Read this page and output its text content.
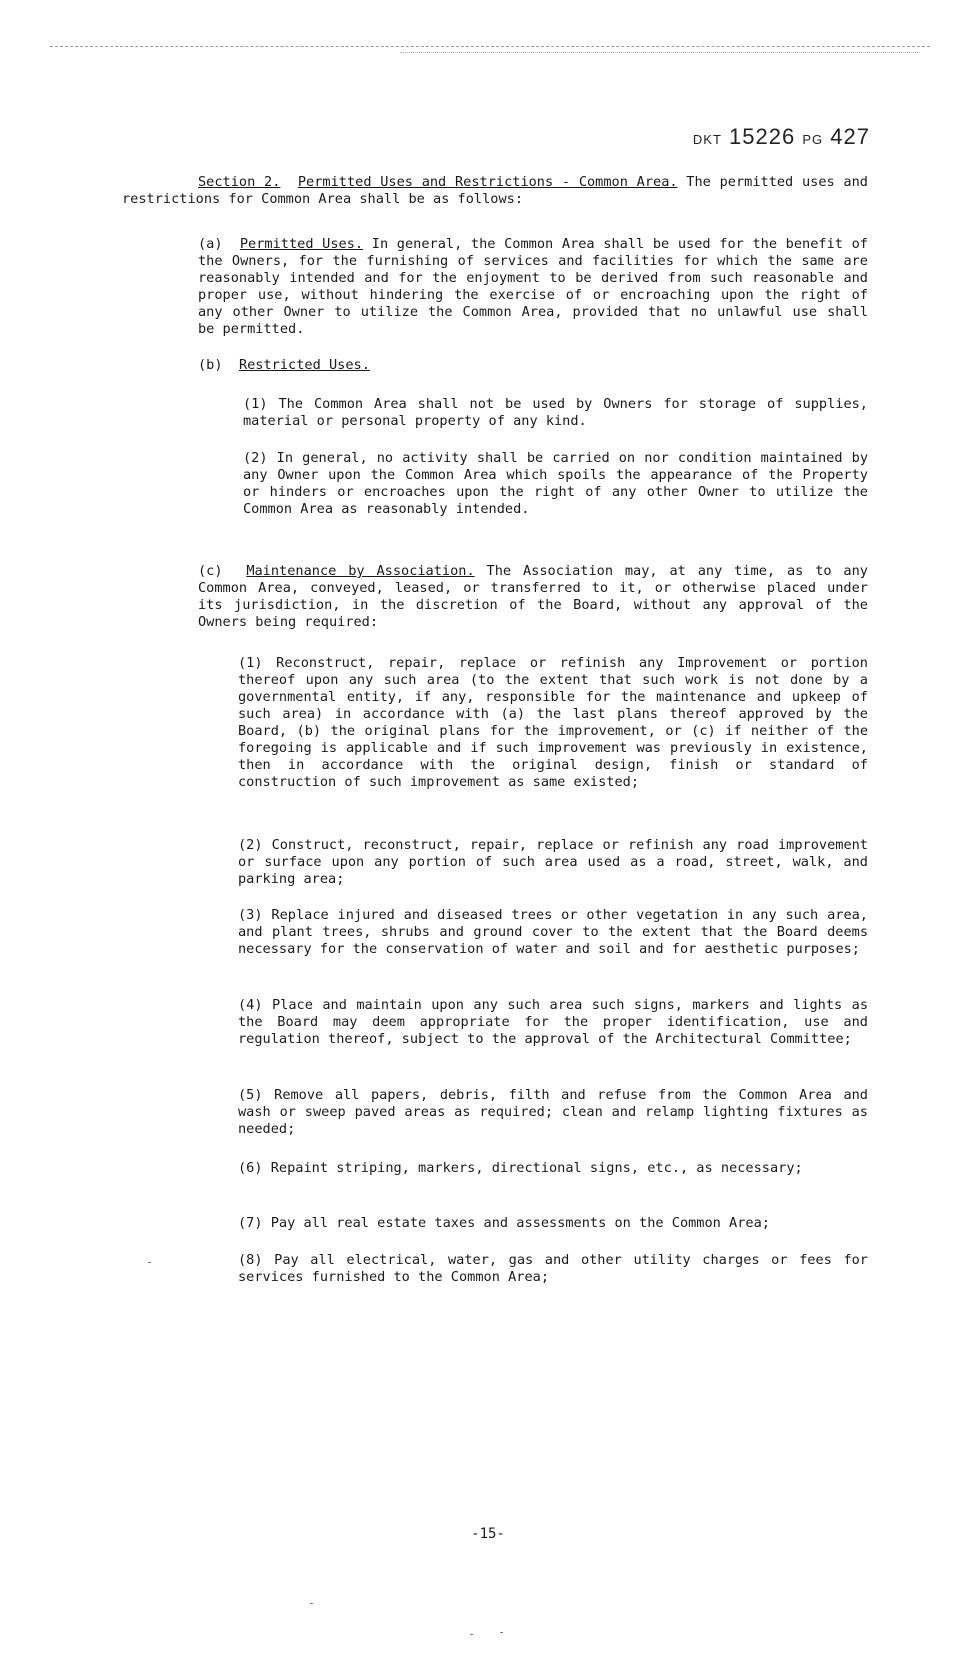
DKT 15226 PG 427
Section 2. Permitted Uses and Restrictions - Common Area. The permitted uses and restrictions for Common Area shall be as follows:
(a) Permitted Uses. In general, the Common Area shall be used for the benefit of the Owners, for the furnishing of services and facilities for which the same are reasonably intended and for the enjoyment to be derived from such reasonable and proper use, without hindering the exercise of or encroaching upon the right of any other Owner to utilize the Common Area, provided that no unlawful use shall be permitted.
(b) Restricted Uses.
(1) The Common Area shall not be used by Owners for storage of supplies, material or personal property of any kind.
(2) In general, no activity shall be carried on nor condition maintained by any Owner upon the Common Area which spoils the appearance of the Property or hinders or encroaches upon the right of any other Owner to utilize the Common Area as reasonably intended.
(c) Maintenance by Association. The Association may, at any time, as to any Common Area, conveyed, leased, or transferred to it, or otherwise placed under its jurisdiction, in the discretion of the Board, without any approval of the Owners being required:
(1) Reconstruct, repair, replace or refinish any Improvement or portion thereof upon any such area (to the extent that such work is not done by a governmental entity, if any, responsible for the maintenance and upkeep of such area) in accordance with (a) the last plans thereof approved by the Board, (b) the original plans for the improvement, or (c) if neither of the foregoing is applicable and if such improvement was previously in existence, then in accordance with the original design, finish or standard of construction of such improvement as same existed;
(2) Construct, reconstruct, repair, replace or refinish any road improvement or surface upon any portion of such area used as a road, street, walk, and parking area;
(3) Replace injured and diseased trees or other vegetation in any such area, and plant trees, shrubs and ground cover to the extent that the Board deems necessary for the conservation of water and soil and for aesthetic purposes;
(4) Place and maintain upon any such area such signs, markers and lights as the Board may deem appropriate for the proper identification, use and regulation thereof, subject to the approval of the Architectural Committee;
(5) Remove all papers, debris, filth and refuse from the Common Area and wash or sweep paved areas as required; clean and relamp lighting fixtures as needed;
(6) Repaint striping, markers, directional signs, etc., as necessary;
(7) Pay all real estate taxes and assessments on the Common Area;
(8) Pay all electrical, water, gas and other utility charges or fees for services furnished to the Common Area;
-15-
